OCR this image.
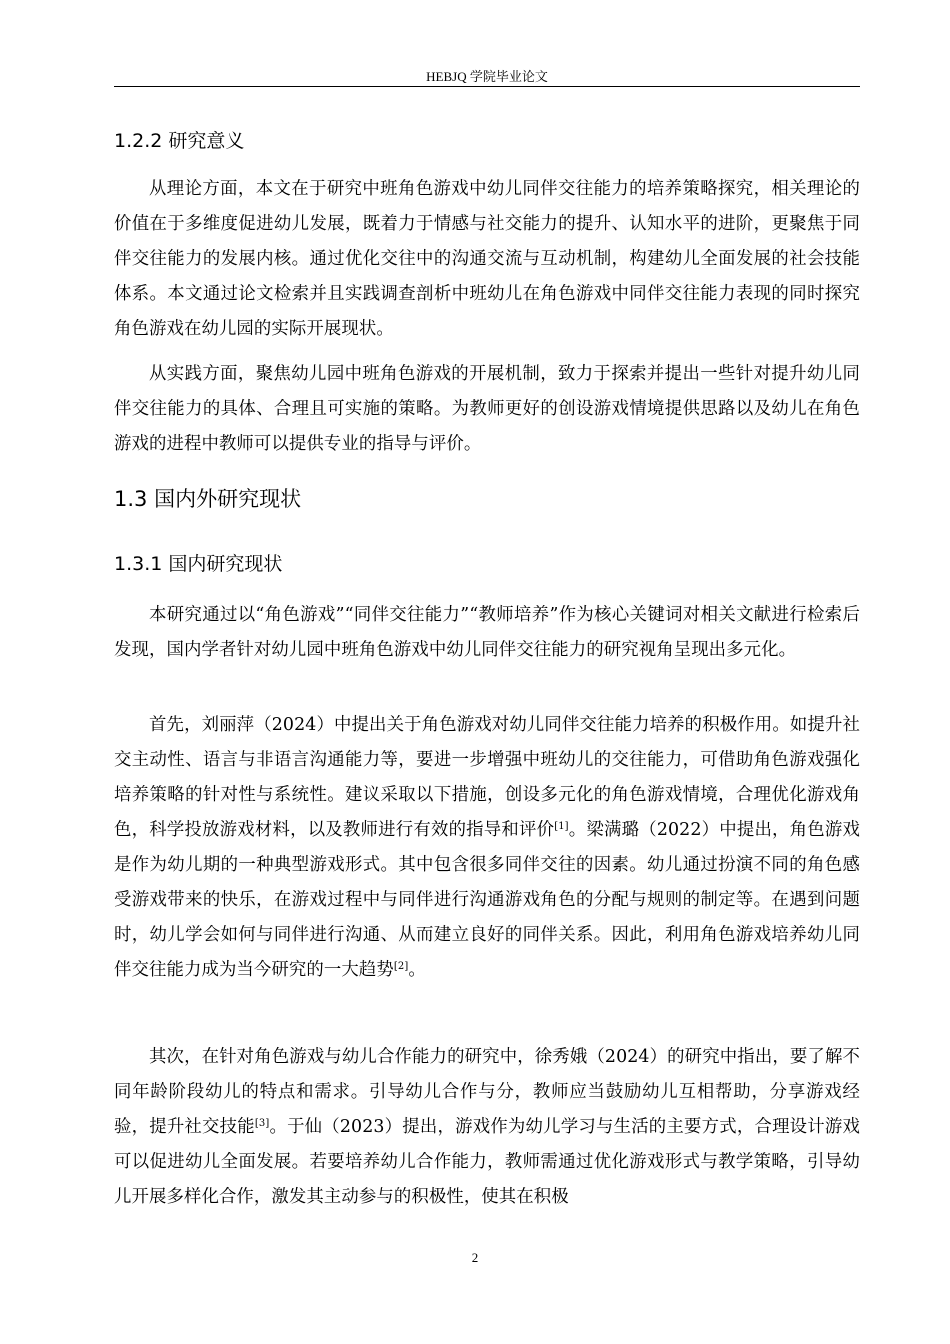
HEBJQ 学院毕业论文
1.2.2 研究意义

从理论方面，本文在于研究中班角色游戏中幼儿同伴交往能力的培养策略探究，相关理论的价值在于多维度促进幼儿发展，既着力于情感与社交能力的提升、认知水平的进阶，更聚焦于同伴交往能力的发展内核。通过优化交往中的沟通交流与互动机制，构建幼儿全面发展的社会技能体系。本文通过论文检索并且实践调查剖析中班幼儿在角色游戏中同伴交往能力表现的同时探究角色游戏在幼儿园的实际开展现状。

从实践方面，聚焦幼儿园中班角色游戏的开展机制，致力于探索并提出一些针对提升幼儿同伴交往能力的具体、合理且可实施的策略。为教师更好的创设游戏情境提供思路以及幼儿在角色游戏的进程中教师可以提供专业的指导与评价。

1.3 国内外研究现状
1.3.1 国内研究现状

本研究通过以“角色游戏”“同伴交往能力”“教师培养”作为核心关键词对相关文献进行检索后发现，国内学者针对幼儿园中班角色游戏中幼儿同伴交往能力的研究视角呈现出多元化。

首先，刘丽萍（2024）中提出关于角色游戏对幼儿同伴交往能力培养的积极作用。如提升社交主动性、语言与非语言沟通能力等，要进一步增强中班幼儿的交往能力，可借助角色游戏强化培养策略的针对性与系统性。建议采取以下措施，创设多元化的角色游戏情境，合理优化游戏角色，科学投放游戏材料，以及教师进行有效的指导和评价[1]。梁满璐（2022）中提出，角色游戏是作为幼儿期的一种典型游戏形式。其中包含很多同伴交往的因素。幼儿通过扮演不同的角色感受游戏带来的快乐，在游戏过程中与同伴进行沟通游戏角色的分配与规则的制定等。在遇到问题时，幼儿学会如何与同伴进行沟通、从而建立良好的同伴关系。因此，利用角色游戏培养幼儿同伴交往能力成为当今研究的一大趋势[2]。

其次，在针对角色游戏与幼儿合作能力的研究中，徐秀娥（2024）的研究中指出，要了解不同年龄阶段幼儿的特点和需求。引导幼儿合作与分，教师应当鼓励幼儿互相帮助，分享游戏经验，提升社交技能[3]。于仙（2023）提出，游戏作为幼儿学习与生活的主要方式，合理设计游戏可以促进幼儿全面发展。若要培养幼儿合作能力，教师需通过优化游戏形式与教学策略，引导幼儿开展多样化合作，激发其主动参与的积极性，使其在积极

2
